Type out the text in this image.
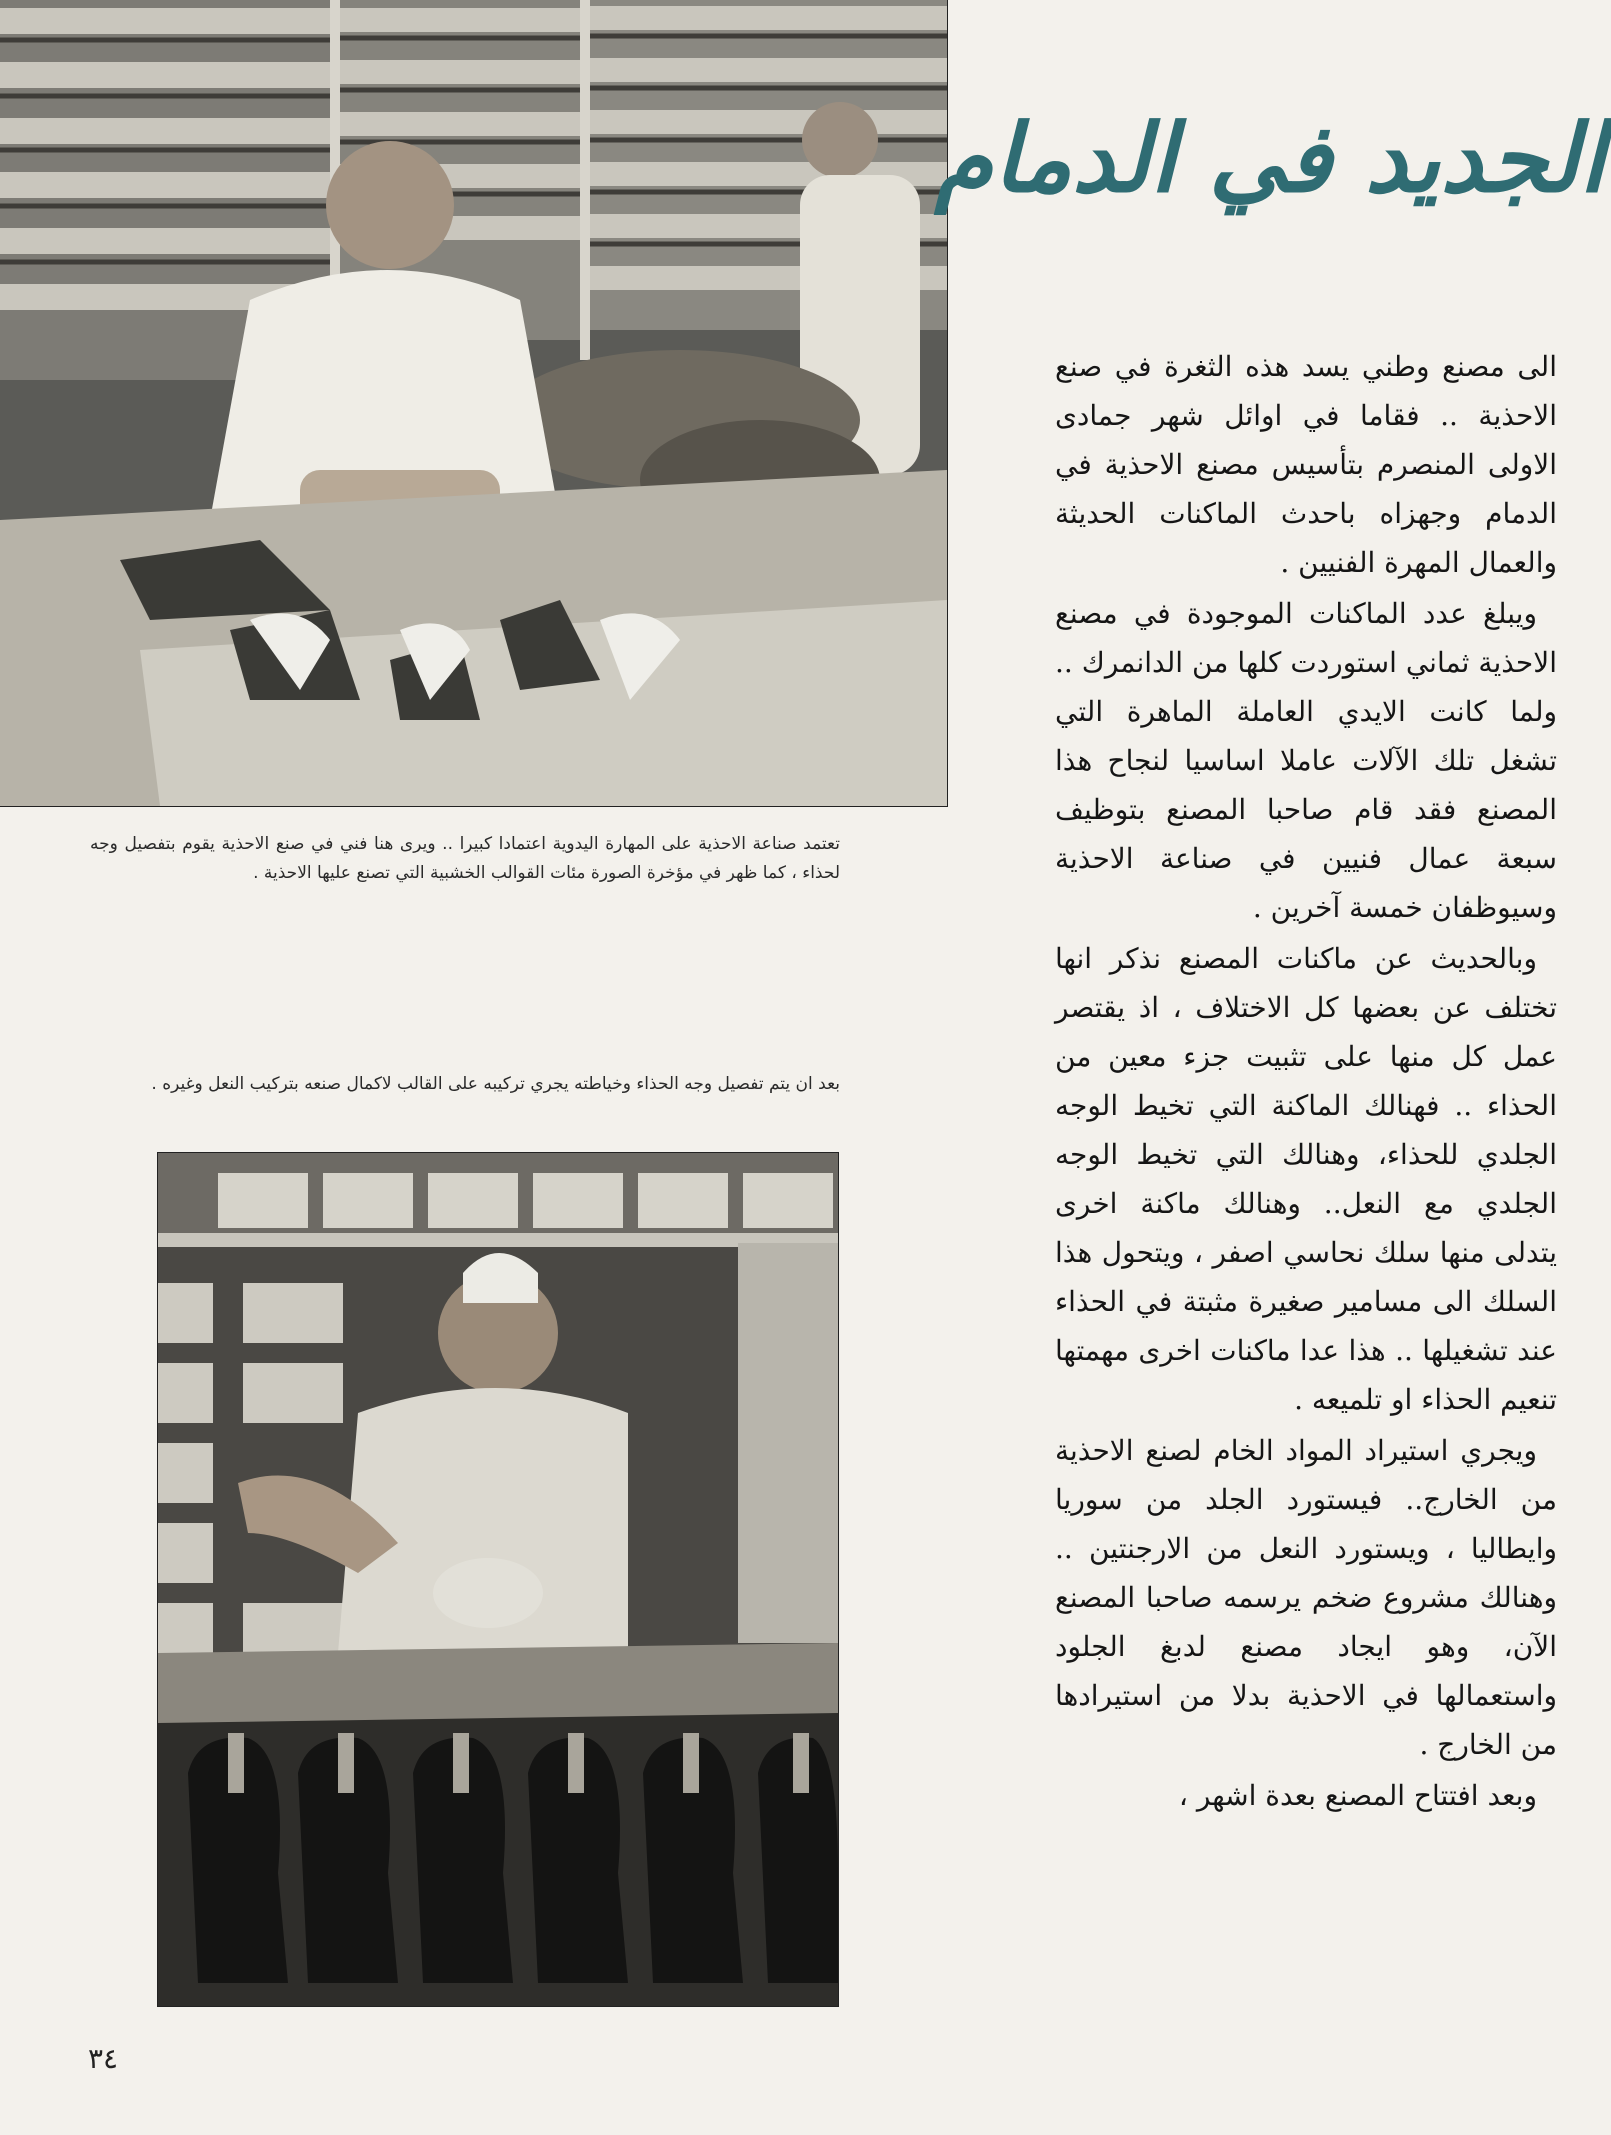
تعتمد صناعة الاحذية على المهارة اليدوية اعتمادا كبيرا .. ويرى هنا فني في صنع الاحذية يقوم بتفصيل وجه لحذاء ، كما ظهر في مؤخرة الصورة مئات القوالب الخشبية التي تصنع عليها الاحذية .
بعد ان يتم تفصيل وجه الحذاء وخياطته يجري تركيبه على القالب لاكمال صنعه بتركيب النعل وغيره .
الجديد في الدمام

الى مصنع وطني يسد هذه الثغرة في صنع الاحذية .. فقاما في اوائل شهر جمادى الاولى المنصرم بتأسيس مصنع الاحذية في الدمام وجهزاه باحدث الماكنات الحديثة والعمال المهرة الفنيين .

ويبلغ عدد الماكنات الموجودة في مصنع الاحذية ثماني استوردت كلها من الدانمرك .. ولما كانت الايدي العاملة الماهرة التي تشغل تلك الآلات عاملا اساسيا لنجاح هذا المصنع فقد قام صاحبا المصنع بتوظيف سبعة عمال فنيين في صناعة الاحذية وسيوظفان خمسة آخرين .

وبالحديث عن ماكنات المصنع نذكر انها تختلف عن بعضها كل الاختلاف ، اذ يقتصر عمل كل منها على تثبيت جزء معين من الحذاء .. فهنالك الماكنة التي تخيط الوجه الجلدي للحذاء، وهنالك التي تخيط الوجه الجلدي مع النعل.. وهنالك ماكنة اخرى يتدلى منها سلك نحاسي اصفر ، ويتحول هذا السلك الى مسامير صغيرة مثبتة في الحذاء عند تشغيلها .. هذا عدا ماكنات اخرى مهمتها تنعيم الحذاء او تلميعه .

ويجري استيراد المواد الخام لصنع الاحذية من الخارج.. فيستورد الجلد من سوريا وايطاليا ، ويستورد النعل من الارجنتين .. وهنالك مشروع ضخم يرسمه صاحبا المصنع الآن، وهو ايجاد مصنع لدبغ الجلود واستعمالها في الاحذية بدلا من استيرادها من الخارج .

وبعد افتتاح المصنع بعدة اشهر ،

٣٤
